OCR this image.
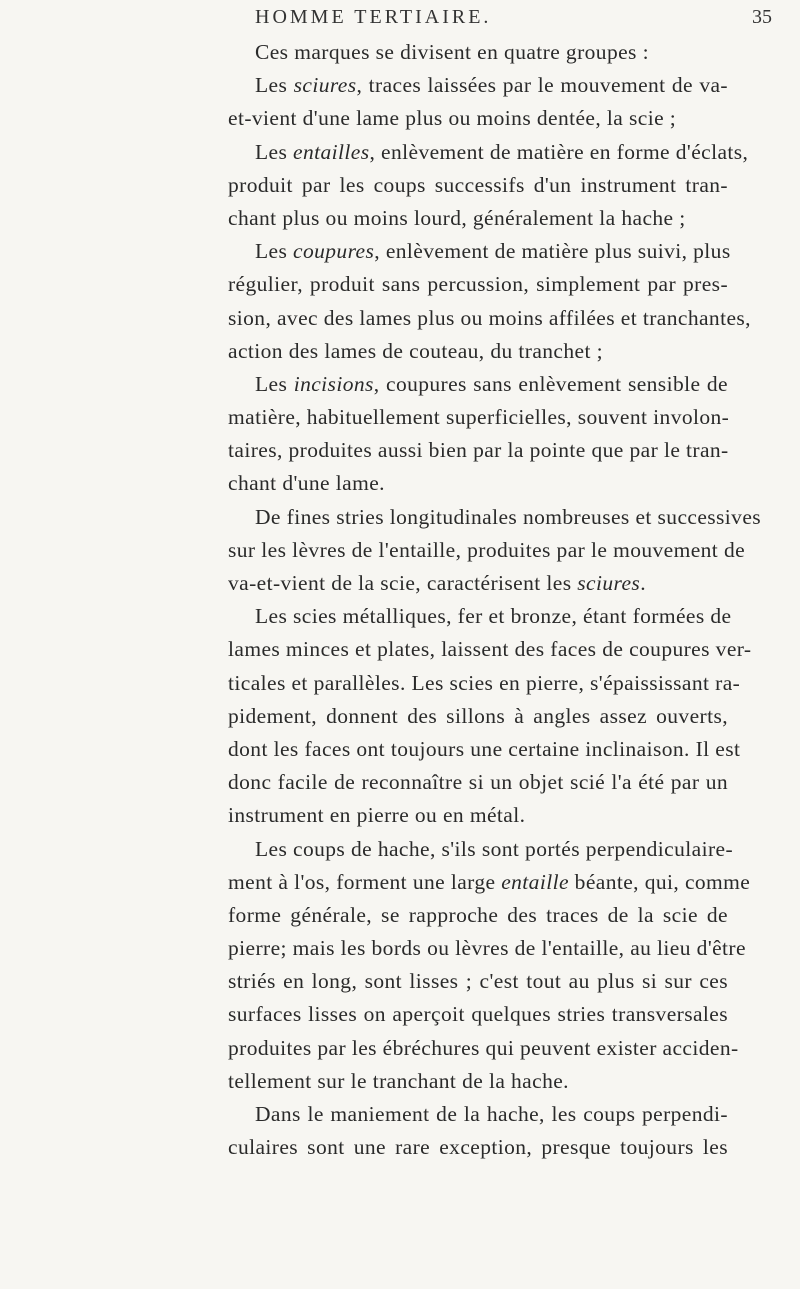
HOMME TERTIAIRE.	35
Ces marques se divisent en quatre groupes :
Les sciures, traces laissées par le mouvement de va-
et-vient d'une lame plus ou moins dentée, la scie ;
Les entailles, enlèvement de matière en forme d'éclats,
produit par les coups successifs d'un instrument tran-
chant plus ou moins lourd, généralement la hache ;
Les coupures, enlèvement de matière plus suivi, plus
régulier, produit sans percussion, simplement par pres-
sion, avec des lames plus ou moins affilées et tranchantes,
action des lames de couteau, du tranchet ;
Les incisions, coupures sans enlèvement sensible de
matière, habituellement superficielles, souvent involon-
taires, produites aussi bien par la pointe que par le tran-
chant d'une lame.
De fines stries longitudinales nombreuses et successives
sur les lèvres de l'entaille, produites par le mouvement de
va-et-vient de la scie, caractérisent les sciures.
Les scies métalliques, fer et bronze, étant formées de
lames minces et plates, laissent des faces de coupures ver-
ticales et parallèles. Les scies en pierre, s'épaississant ra-
pidement, donnent des sillons à angles assez ouverts,
dont les faces ont toujours une certaine inclinaison. Il est
donc facile de reconnaître si un objet scié l'a été par un
instrument en pierre ou en métal.
Les coups de hache, s'ils sont portés perpendiculaire-
ment à l'os, forment une large entaille béante, qui, comme
forme générale, se rapproche des traces de la scie de
pierre; mais les bords ou lèvres de l'entaille, au lieu d'être
striés en long, sont lisses ; c'est tout au plus si sur ces
surfaces lisses on aperçoit quelques stries transversales
produites par les ébréchures qui peuvent exister acciden-
tellement sur le tranchant de la hache.
Dans le maniement de la hache, les coups perpendi-
culaires sont une rare exception, presque toujours les
